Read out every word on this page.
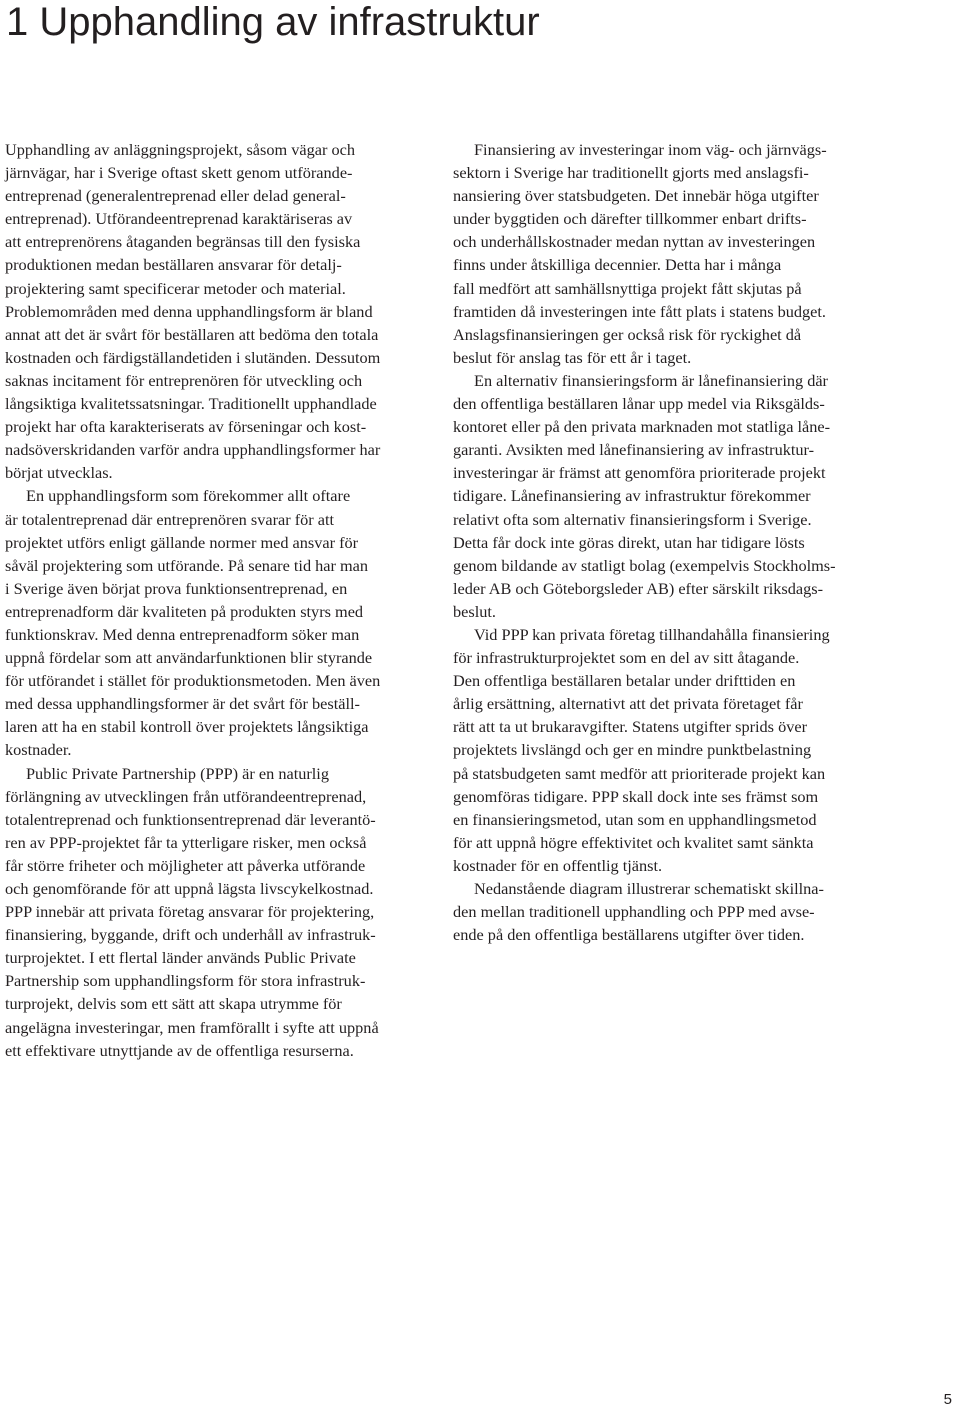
1 Upphandling av infrastruktur

Upphandling av anläggningsprojekt, såsom vägar och
järnvägar, har i Sverige oftast skett genom utförande-
entreprenad (generalentreprenad eller delad general-
entreprenad). Utförandeentreprenad karaktäriseras av
att entreprenörens åtaganden begränsas till den fysiska
produktionen medan beställaren ansvarar för detalj-
projektering samt specificerar metoder och material.
Problemområden med denna upphandlingsform är bland
annat att det är svårt för beställaren att bedöma den totala
kostnaden och färdigställandetiden i slutänden. Dessutom
saknas incitament för entreprenören för utveckling och
långsiktiga kvalitetssatsningar. Traditionellt upphandlade
projekt har ofta karakteriserats av förseningar och kost-
nadsöverskridanden varför andra upphandlingsformer har
börjat utvecklas.

En upphandlingsform som förekommer allt oftare
är totalentreprenad där entreprenören svarar för att
projektet utförs enligt gällande normer med ansvar för
såväl projektering som utförande. På senare tid har man
i Sverige även börjat prova funktionsentreprenad, en
entreprenadform där kvaliteten på produkten styrs med
funktionskrav. Med denna entreprenadform söker man
uppnå fördelar som att användarfunktionen blir styrande
för utförandet i stället för produktionsmetoden. Men även
med dessa upphandlingsformer är det svårt för beställ-
laren att ha en stabil kontroll över projektets långsiktiga
kostnader.

Public Private Partnership (PPP) är en naturlig
förlängning av utvecklingen från utförandeentreprenad,
totalentreprenad och funktionsentreprenad där leverantö-
ren av PPP-projektet får ta ytterligare risker, men också
får större friheter och möjligheter att påverka utförande
och genomförande för att uppnå lägsta livscykelkostnad.
PPP innebär att privata företag ansvarar för projektering,
finansiering, byggande, drift och underhåll av infrastruk-
turprojektet. I ett flertal länder används Public Private
Partnership som upphandlingsform för stora infrastruk-
turprojekt, delvis som ett sätt att skapa utrymme för
angelägna investeringar, men framförallt i syfte att uppnå
ett effektivare utnyttjande av de offentliga resurserna.

Finansiering av investeringar inom väg- och järnvägs-
sektorn i Sverige har traditionellt gjorts med anslagsfi-
nansiering över statsbudgeten. Det innebär höga utgifter
under byggtiden och därefter tillkommer enbart drifts-
och underhållskostnader medan nyttan av investeringen
finns under åtskilliga decennier. Detta har i många
fall medfört att samhällsnyttiga projekt fått skjutas på
framtiden då investeringen inte fått plats i statens budget.
Anslagsfinansieringen ger också risk för ryckighet då
beslut för anslag tas för ett år i taget.

En alternativ finansieringsform är lånefinansiering där
den offentliga beställaren lånar upp medel via Riksgälds-
kontoret eller på den privata marknaden mot statliga låne-
garanti. Avsikten med lånefinansiering av infrastruktur-
investeringar är främst att genomföra prioriterade projekt
tidigare. Lånefinansiering av infrastruktur förekommer
relativt ofta som alternativ finansieringsform i Sverige.
Detta får dock inte göras direkt, utan har tidigare lösts
genom bildande av statligt bolag (exempelvis Stockholms-
leder AB och Göteborgsleder AB) efter särskilt riksdags-
beslut.

Vid PPP kan privata företag tillhandahålla finansiering
för infrastrukturprojektet som en del av sitt åtagande.
Den offentliga beställaren betalar under drifttiden en
årlig ersättning, alternativt att det privata företaget får
rätt att ta ut brukaravgifter. Statens utgifter sprids över
projektets livslängd och ger en mindre punktbelastning
på statsbudgeten samt medför att prioriterade projekt kan
genomföras tidigare. PPP skall dock inte ses främst som
en finansieringsmetod, utan som en upphandlingsmetod
för att uppnå högre effektivitet och kvalitet samt sänkta
kostnader för en offentlig tjänst.

Nedanstående diagram illustrerar schematiskt skillna-
den mellan traditionell upphandling och PPP med avse-
ende på den offentliga beställarens utgifter över tiden.

5
